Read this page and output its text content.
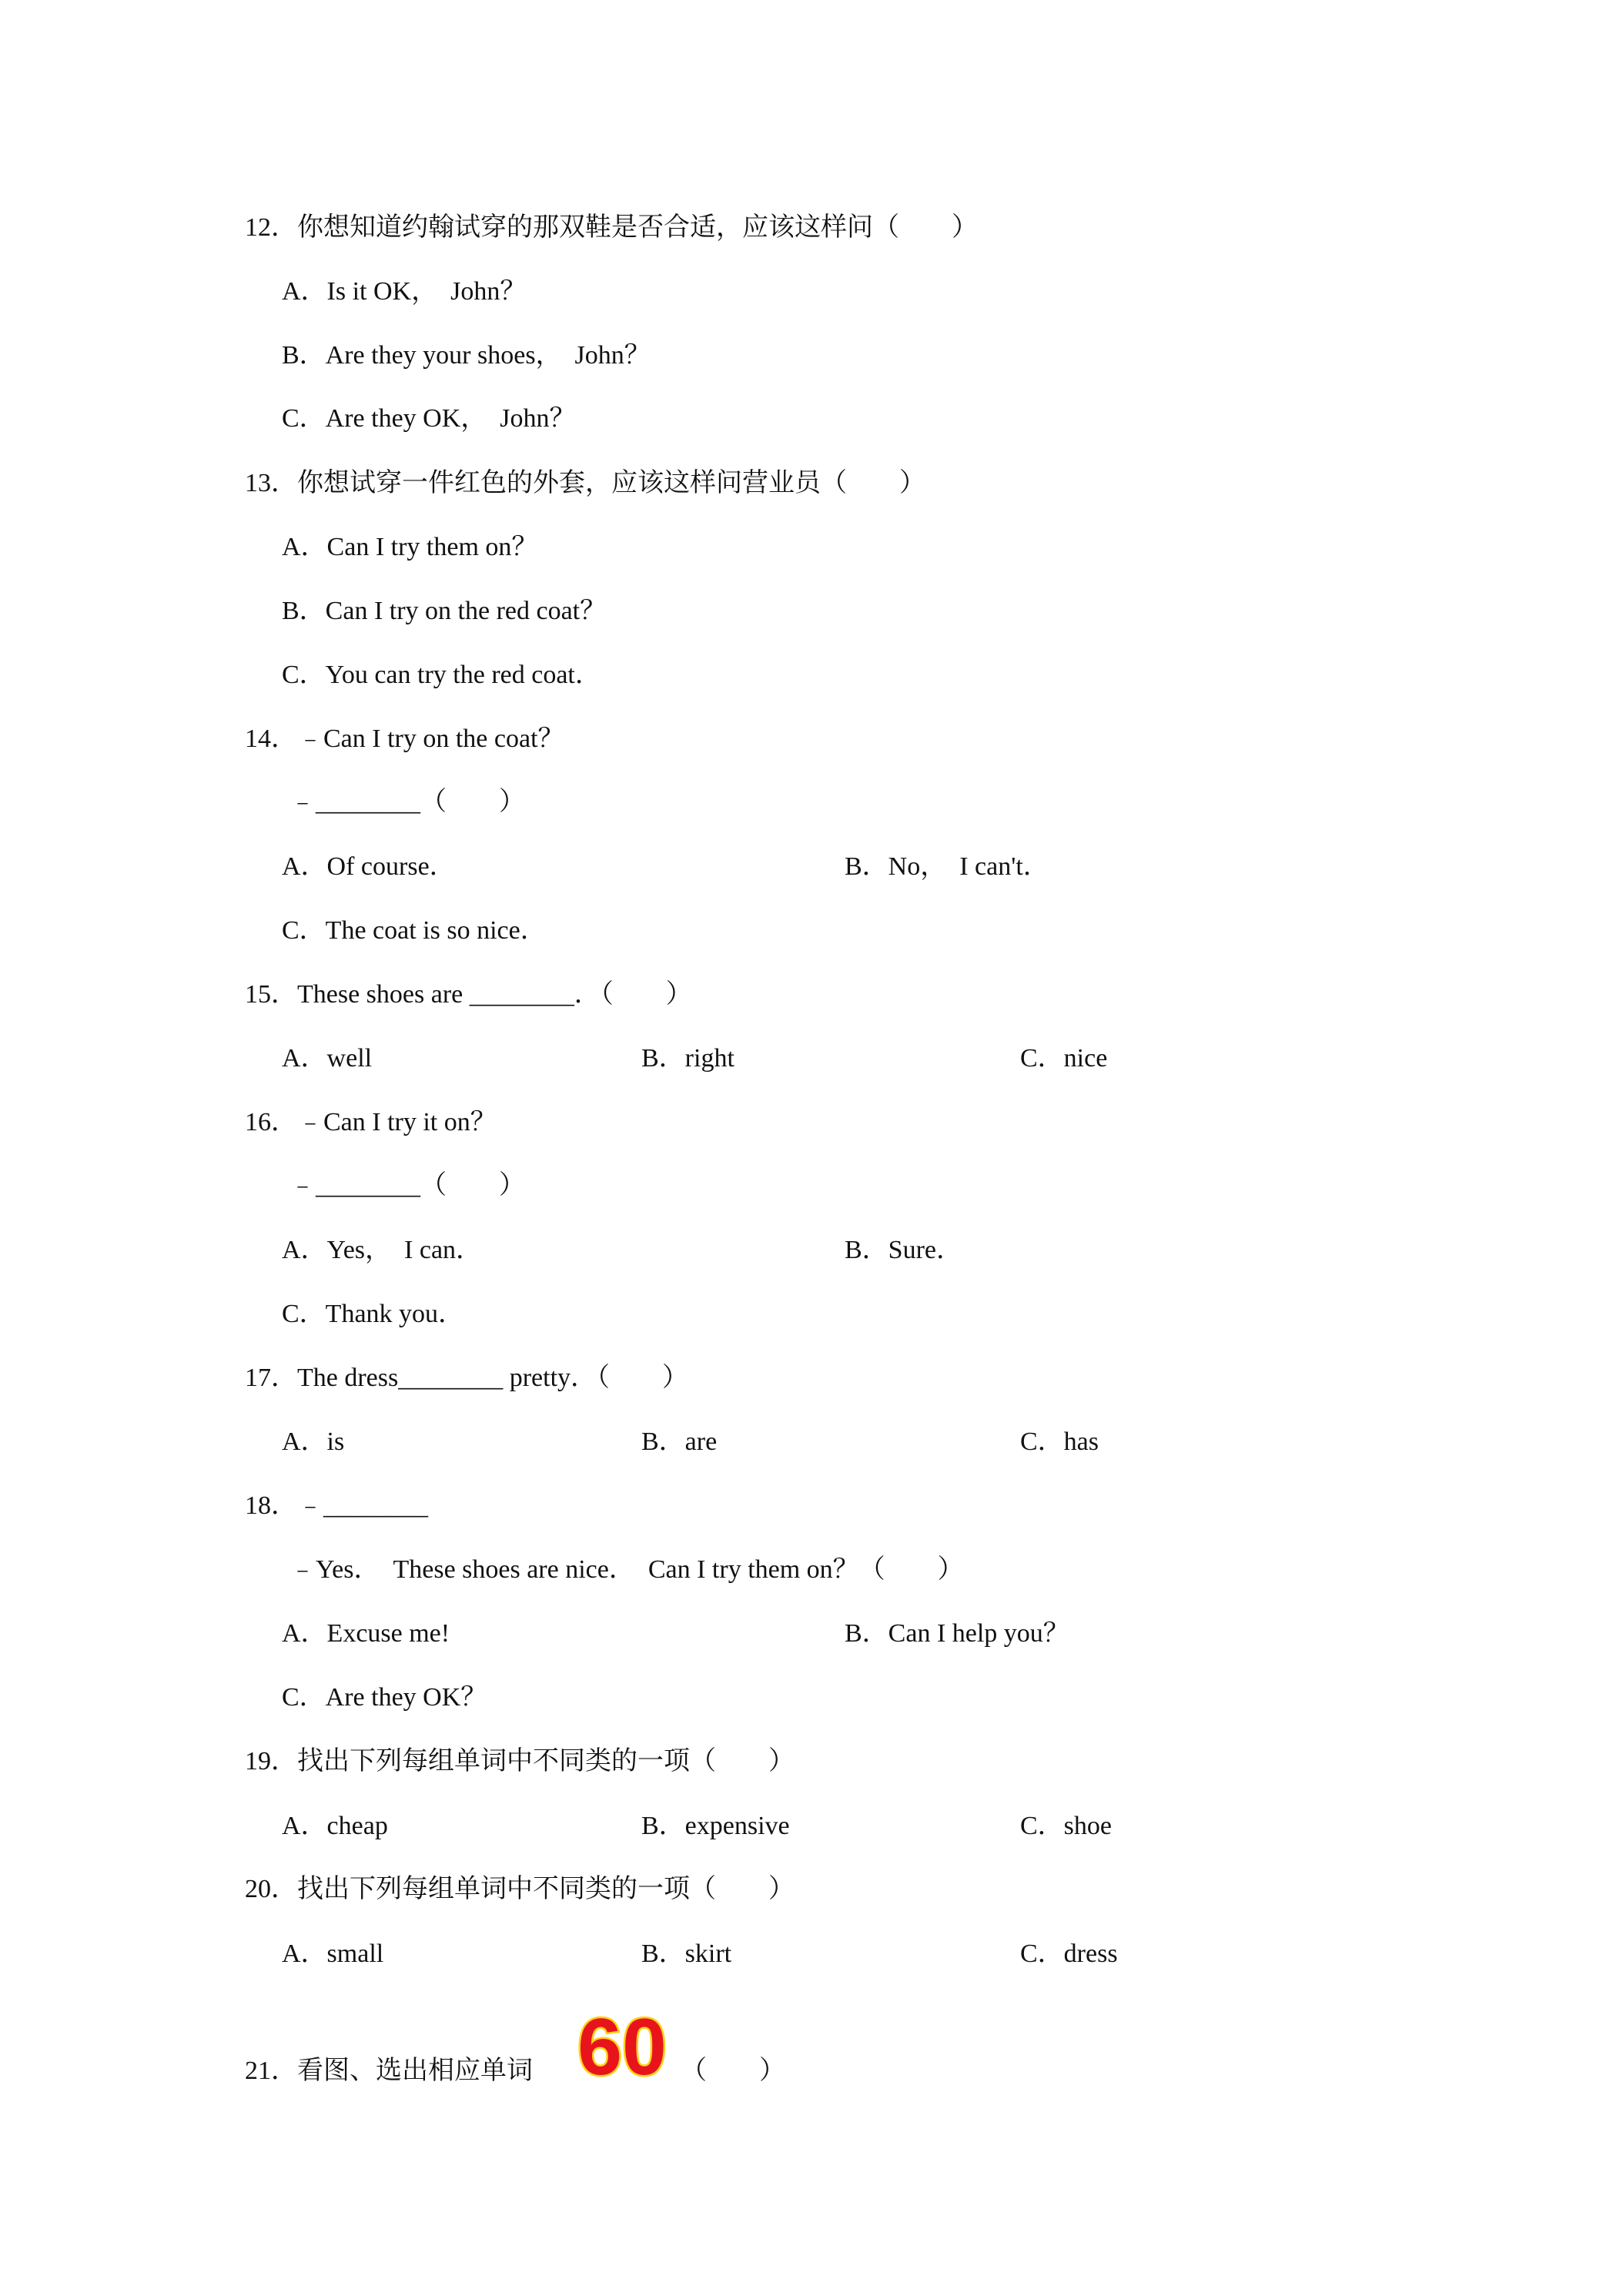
12．你想知道约翰试穿的那双鞋是否合适，应该这样问（　　）
A．Is it OK，　John？
B．Are they your shoes，　John？
C．Are they OK，　John？
13．你想试穿一件红色的外套，应该这样问营业员（　　）
A．Can I try them on？
B．Can I try on the red coat？
C．You can try the red coat．
14．﹣Can I try on the coat？
﹣________（　　）
A．Of course．	B．No，　I can't．
C．The coat is so nice．
15．These shoes are ________．（　　）
A．well	B．right	C．nice
16．﹣Can I try it on？
﹣________（　　）
A．Yes，　I can．	B．Sure．
C．Thank you．
17．The dress________ pretty．（　　）
A．is	B．are	C．has
18．﹣________
﹣Yes．　These shoes are nice．　Can I try them on？（　　）
A．Excuse me!	B．Can I help you？
C．Are they OK？
19．找出下列每组单词中不同类的一项（　　）
A．cheap	B．expensive	C．shoe
20．找出下列每组单词中不同类的一项（　　）
A．small	B．skirt	C．dress
21．看图、选出相应单词 60 （　　）
